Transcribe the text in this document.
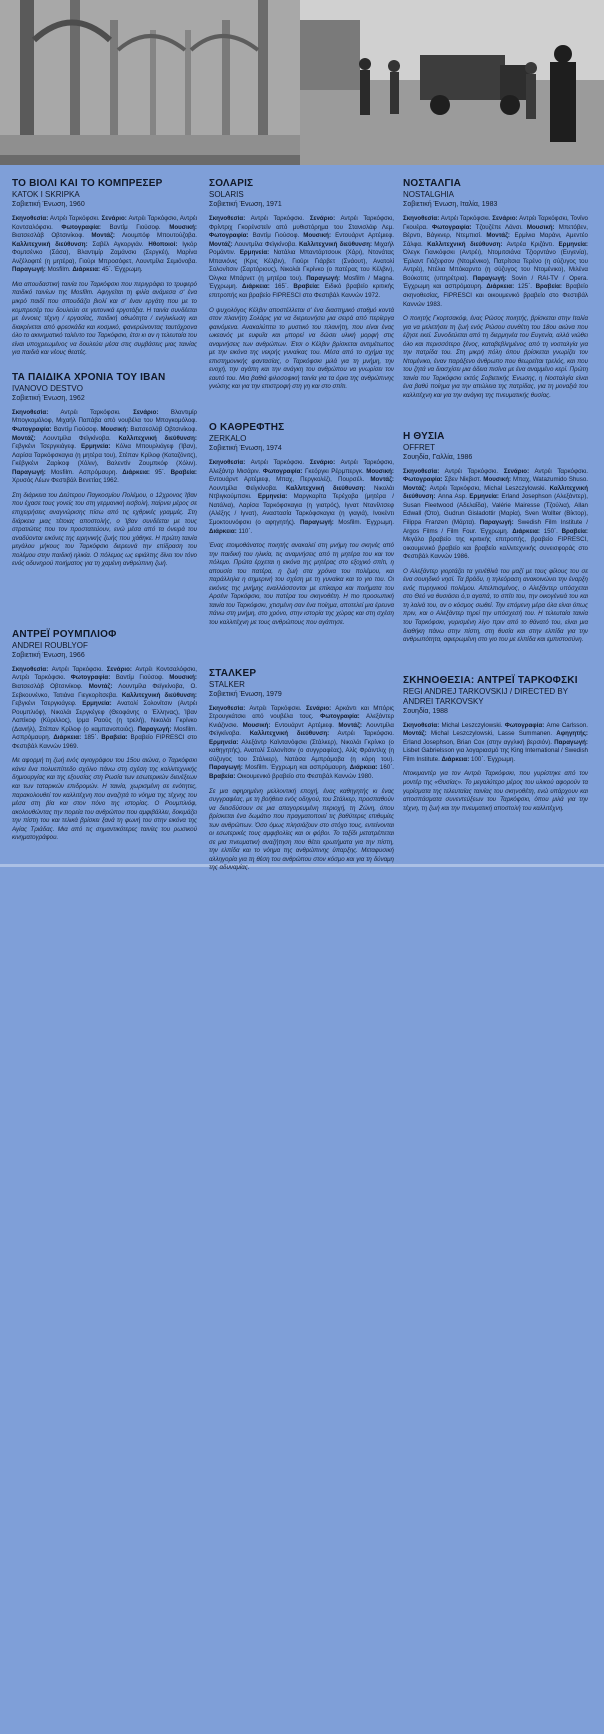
ΤΟ ΒΙΟΛΙ ΚΑΙ ΤΟ ΚΟΜΠΡΕΣΕΡ
KATOK I SKRIPKA
Σοβιετική Ένωση, 1960

Σκηνοθεσία: Αντρέι Ταρκόφσκι. Σενάριο: Αντρέι Ταρκόφσκι, Αντρέι Κοντσαλόφσκι. Φωτογραφία: Βαντίμ Γιούσοφ. Μουσική: Βιατσεσλάβ Οβτσινίκοφ. Μοντάζ: Λιουμπόφ Μπουτούζοβα. Καλλιτεχνική διεύθυνση: Σαβέλ Αγκοργιάν. Ηθοποιοί: Ιγκόρ Φομτσένκο (Σάσα), Βλαντιμίρ Ζαμάνσκι (Σεργκέι), Μαρίνα Ανζέλοφιτέ (η μητέρα), Γιούρι Μπροσόφετ, Λουντμίλα Σεμιόνοβα. Παραγωγή: Mosfilm. Διάρκεια: 45΄. Έγχρωμη.

Μια απουδαστική ταινία του Ταρκόφσκι που περιγράφει το τρυφερό παιδικό ταινίων της Mosfilm. Αφηγείται τη φιλία ανάμεσα σ' ένα μικρό παιδί που σπουδάζει βιολί και σ' έναν εργάτη που με το κομπρεσέρ του δουλεύει σε γειτονικά εργοτάξια. Η ταινία συνδέεται με έννοιες τέχνη / εργασίας, παιδική αθωότητα / ενηλικίωση και διακρίνεται από φρεσκάδα και κοσμικό, φανερώνοντας ταυτόχρονα όλο το ακινηματικό ταλέντο του Ταρκόφσκι, έτσι κι αν η τελευταία του είναι υποχρεωμένος να δουλεύει μέσα στις συμβάσεις μιας ταινίας για παιδιά και νέους θεατές.

ΤΑ ΠΑΙΔΙΚΑ ΧΡΟΝΙΑ ΤΟΥ ΙΒΑΝ
IVANOVO DESTVO
Σοβιετική Ένωση, 1962

Σκηνοθεσία: Αντρέι Ταρκόφσκι. Σενάριο: Βλαντιμίρ Μπογκομόλοφ, Μιχαήλ Παπάβα από νουβέλα του Μπογκομόλοφ. Φωτογραφία: Βαντίμ Γιούσοφ. Μουσική: Βιατσεσλάβ Οβτσινίκοφ. Μοντάζ: Λουντμίλα Φεϊγκίνοβα. Καλλιτεχνική διεύθυνση: Γεβγκένι Τσεργκιάγεφ. Ερμηνεία: Κόλια Μπουρλιάγεφ (Ίβαν), Λαρίσα Ταρκόφσκαγια (η μητέρα του), Στέπαν Κρίλοφ (Καταζόνιτς), Γκέβγκένι Ζαρίκοφ (Χόλιν), Βαλεντίν Ζουμπκόφ (Χόλιν). Παραγωγή: Mosfilm. Ασπρόμαυρη. Διάρκεια: 95΄. Βραβεία: Χρυσός Λέων Φεστιβάλ Βενετίας 1962.

Στη διάρκεια του Δεύτερου Παγκοσμίου Πολέμου, ο 12χρονος Ίβαν που έχασε τους γονείς του στη γερμανική εισβολή, παίρνει μέρος σε επιχειρήσεις αναγνώρισης πίσω από τις εχθρικές γραμμές. Στη διάρκεια μιας τέτοιας αποστολής, ο Ίβαν συνδέεται με τους στρατιώτες που τον προστατεύουν, ενώ μέσα από τα όνειρά του αναδύονται εικόνες της ειρηνικής ζωής που χάθηκε. Η πρώτη ταινία μεγάλου μήκους του Ταρκόφσκι διερευνά την επίδραση του πολέμου στην παιδική ηλικία. Ο πόλεμος ως εφιάλτης δίνει τον τόνο ενός οδυνηρού ποιήματος για τη χαμένη ανθρώπινη ζωή.

ΑΝΤΡΕΪ ΡΟΥΜΠΛΙΟΦ
ANDREI ROUBLYOF
Σοβιετική Ένωση, 1966

Σκηνοθεσία: Αντρέι Ταρκόφσκι. Σενάριο: Αντρέι Κοντσαλόφσκι, Αντρέι Ταρκόφσκι. Φωτογραφία: Βαντίμ Γιούσοφ. Μουσική: Βιατσεσλάβ Οβτσινίκοφ. Μοντάζ: Λουντμίλα Φεϊγκίνοβα, Ο. Σεβκουνένκο, Τατιάνα Γιεγκορίτσεβα. Καλλιτεχνική διεύθυνση: Γεβγκένι Τσεργκιάγεφ. Ερμηνεία: Ανατολί Σολονίτσιν (Αντρέι Ρουμπλιόφ), Νικολάι Σεργκέγεφ (Θεοφάνης ο Έλληνας), Ίβαν Λαπίκοφ (Κύριλλος), Ιρμα Ραούς (η τρελή), Νικολάι Γκρίνκο (Δανιήλ), Στέπαν Κρίλοφ (ο καμπανοποιός). Παραγωγή: Mosfilm. Ασπρόμαυρη. Διάρκεια: 185΄. Βραβεία: Βραβείο FIPRESCI στο Φεστιβάλ Καννών 1969.

Με αφορμή τη ζωή ενός αγιογράφου του 15ου αιώνα, ο Ταρκόφσκι κάνει ένα πολυεπίπεδο σχόλιο πάνω στη σχέση της καλλιτεχνικής δημιουργίας και της εξουσίας στη Ρωσία των εσωτερικών διενέξεων και των ταταρικών επιδρομών. Η ταινία, χωρισμένη σε ενότητες, παρακολουθεί τον καλλιτέχνη που αναζητά το νόημα της τέχνης του μέσα στη βία και στον πόνο της ιστορίας. Ο Ρουμπλιόφ, ακολουθώντας την πορεία του ανθρώπου που αμφιβάλλει, δοκιμάζει την πίστη του και τελικά βρίσκει ξανά τη φωνή του στην εικόνα της Αγίας Τριάδας. Μια από τις σημαντικότερες ταινίες του ρωσικού κινηματογράφου.

ΣΟΛΑΡΙΣ
SOLARIS
Σοβιετική Ένωση, 1971

Σκηνοθεσία: Αντρέι Ταρκόφσκι. Σενάριο: Αντρέι Ταρκόφσκι, Φρίντριχ Γκορένστεϊν από μυθιστόρημα του Στανισλάφ Λεμ. Φωτογραφία: Βαντίμ Γιούσοφ. Μουσική: Εντουάρντ Αρτέμιεφ. Μοντάζ: Λουντμίλα Φεϊγκίνοβα. Καλλιτεχνική διεύθυνση: Μιχαήλ Ρομάντιν. Ερμηνεία: Νατάλια Μπαντάρτσουκ (Χάρι), Ντονάτας Μπανιόνις (Κρις Κέλβιν), Γιούρι Γιάρβετ (Σνάουτ), Ανατολί Σολονίτσιν (Σαρτόριους), Νικολάι Γκρίνκο (ο πατέρας του Κέλβιν), Όλγκα Μπάρνετ (η μητέρα του). Παραγωγή: Mosfilm / Magna. Έγχρωμη. Διάρκεια: 165΄. Βραβεία: Ειδικό βραβείο κριτικής επιτροπής και βραβείο FIPRESCI στο Φεστιβάλ Καννών 1972.

Ο ψυχολόγος Κέλβιν αποστέλλεται σ' ένα διαστημικό σταθμό κοντά στον πλανήτη Σολάρις για να διερευνήσει μια σειρά από περίεργα φαινόμενα. Ανακαλύπτει το μυστικό του πλανήτη, που είναι ένας ωκεανός με ευφυΐα και μπορεί να δώσει υλική μορφή στις αναμνήσεις των ανθρώπων. Έτσι ο Κέλβιν βρίσκεται αντιμέτωπος με την εικόνα της νεκρής γυναίκας του. Μέσα από το σχήμα της επιστημονικής φαντασίας, ο Ταρκόφσκι μιλά για τη μνήμη, την ενοχή, την αγάπη και την ανάγκη του ανθρώπου να γνωρίσει τον εαυτό του. Μια βαθιά φιλοσοφική ταινία για τα όρια της ανθρώπινης γνώσης και για την επιστροφή στη γη και στο σπίτι.

Ο ΚΑΘΡΕΦΤΗΣ
ZERKALO
Σοβιετική Ένωση, 1974

Σκηνοθεσία: Αντρέι Ταρκόφσκι. Σενάριο: Αντρέι Ταρκόφσκι, Αλεξάντρ Μισάριν. Φωτογραφία: Γκεόργκι Ρέρμπεργκ. Μουσική: Εντουάρντ Αρτέμιεφ, Μπαχ, Περγκολέζι, Πουρσέλ. Μοντάζ: Λουντμίλα Φεϊγκίνοβα. Καλλιτεχνική διεύθυνση: Νικολάι Ντβιγκούμπσκι. Ερμηνεία: Μαργκαρίτα Τερέχοβα (μητέρα / Νατάλια), Λαρίσα Ταρκόφσκαγια (η γιατρός), Ιγνατ Ντανίλτσεφ (Αλέξης / Ιγνατ), Αναστασία Ταρκόφσκαγια (η γιαγιά), Ινοκέντι Σμοκτουνόφσκι (ο αφηγητής). Παραγωγή: Mosfilm. Έγχρωμη. Διάρκεια: 110΄.

Ένας ετοιμοθάνατος ποιητής ανακαλεί στη μνήμη του σκηνές από την παιδική του ηλικία, τις αναμνήσεις από τη μητέρα του και τον πόλεμο. Πρώτα έρχεται η εικόνα της μητέρας στο εξοχικό σπίτι, η απουσία του πατέρα, η ζωή στα χρόνια του πολέμου, και παράλληλα η σημερινή του σχέση με τη γυναίκα και το γιο του. Οι εικόνες της μνήμης εναλλάσσονται με επίκαιρα και ποιήματα του Αρσένι Ταρκόφσκι, του πατέρα του σκηνοθέτη. Η πιο προσωπική ταινία του Ταρκόφσκι, χτισμένη σαν ένα ποίημα, αποτελεί μια έρευνα πάνω στη μνήμη, στο χρόνο, στην ιστορία της χώρας και στη σχέση του καλλιτέχνη με τους ανθρώπους που αγάπησε.

ΣΤΑΛΚΕΡ
STALKER
Σοβιετική Ένωση, 1979

Σκηνοθεσία: Αντρέι Ταρκόφσκι. Σενάριο: Αρκάντι και Μπόρις Στρουγκάτσκι από νουβέλα τους. Φωτογραφία: Αλεξάντερ Κνιάζινσκι. Μουσική: Εντουάρντ Αρτέμιεφ. Μοντάζ: Λουντμίλα Φεϊγκίνοβα. Καλλιτεχνική διεύθυνση: Αντρέι Ταρκόφσκι. Ερμηνεία: Αλεξάντρ Καϊντανόφσκι (Στάλκερ), Νικολάι Γκρίνκο (ο καθηγητής), Ανατολί Σολονίτσιν (ο συγγραφέας), Αλίς Φράιντλιχ (η σύζυγος του Στάλκερ), Νατάσα Αμπράμοβα (η κόρη του). Παραγωγή: Mosfilm. Έγχρωμη και ασπρόμαυρη. Διάρκεια: 160΄. Βραβεία: Οικουμενικό βραβείο στο Φεστιβάλ Καννών 1980.

Σε μια αφηρημένη μελλοντική εποχή, ένας καθηγητής κι ένας συγγραφέας, με τη βοήθεια ενός οδηγού, του Στάλκερ, προσπαθούν να διεισδύσουν σε μια απαγορευμένη περιοχή, τη Ζώνη, όπου βρίσκεται ένα δωμάτιο που πραγματοποιεί τις βαθύτερες επιθυμίες των ανθρώπων. Όσο όμως πλησιάζουν στο στόχο τους, εντείνονται οι εσωτερικές τους αμφιβολίες και οι φόβοι. Το ταξίδι μετατρέπεται σε μια πνευματική αναζήτηση που θέτει ερωτήματα για την πίστη, την ελπίδα και το νόημα της ανθρώπινης ύπαρξης. Μεταφυσική αλληγορία για τη θέση του ανθρώπου στον κόσμο και για τη δύναμη της αδυναμίας.

ΝΟΣΤΑΛΓΙΑ
NOSTALGHIA
Σοβιετική Ένωση, Ιταλία, 1983

Σκηνοθεσία: Αντρέι Ταρκόφσκι. Σενάριο: Αντρέι Ταρκόφσκι, Τονίνο Γκουέρα. Φωτογραφία: Τζουζέπε Λάνσι. Μουσική: Μπετόβεν, Βέρντι, Βάγκνερ, Ντεμπισί. Μοντάζ: Ερμίνια Μαράνι, Αμεντέο Σάλφα. Καλλιτεχνική διεύθυνση: Αντρέα Κριζάντι. Ερμηνεία: Όλεγκ Γιανκόφσκι (Αντρέι), Ντομιτσιάνα Τζιορντάνο (Ευγενία), Έρλαντ Γιόζεφσον (Ντομένικο), Πατρίτσια Τερένο (η σύζυγος του Αντρέι), Ντέλια Μπόκαρντο (η σύζυγος του Ντομένικο), Μιλένα Βούκοτιτς (υπηρέτρια). Παραγωγή: Sovin / RAI-TV / Opera. Έγχρωμη και ασπρόμαυρη. Διάρκεια: 125΄. Βραβεία: Βραβείο σκηνοθεσίας, FIPRESCI και οικουμενικό βραβείο στο Φεστιβάλ Καννών 1983.

Ο ποιητής Γκορτσακόφ, ένας Ρώσος ποιητής, βρίσκεται στην Ιταλία για να μελετήσει τη ζωή ενός Ρώσου συνθέτη του 18ου αιώνα που έζησε εκεί. Συνοδεύεται από τη διερμηνέα του Ευγενία, αλλά νιώθει όλο και περισσότερο ξένος, καταβεβλημένος από τη νοσταλγία για την πατρίδα του. Στη μικρή πόλη όπου βρίσκεται γνωρίζει τον Ντομένικο, έναν παράξενο άνθρωπο που θεωρείται τρελός, και που του ζητά να διασχίσει μια άδεια πισίνα με ένα αναμμένο κερί. Πρώτη ταινία του Ταρκόφσκι εκτός Σοβιετικής Ένωσης, η Νοσταλγία είναι ένα βαθύ ποίημα για την απώλεια της πατρίδας, για τη μοναξιά του καλλιτέχνη και για την ανάγκη της πνευματικής θυσίας.

Η ΘΥΣΙΑ
OFFRET
Σουηδία, Γαλλία, 1986

Σκηνοθεσία: Αντρέι Ταρκόφσκι. Σενάριο: Αντρέι Ταρκόφσκι. Φωτογραφία: Σβεν Νίκβιστ. Μουσική: Μπαχ, Watazumido Shuso. Μοντάζ: Αντρέι Ταρκόφσκι, Michal Leszczylowski. Καλλιτεχνική διεύθυνση: Anna Asp. Ερμηνεία: Erland Josephson (Αλεξάντερ), Susan Fleetwood (Αδελαΐδα), Valérie Mairesse (Τζούλια), Allan Edwall (Ότο), Gudrun Gisladottir (Μαρία), Sven Wollter (Βίκτορ), Filippa Franzen (Μάρτα). Παραγωγή: Swedish Film Institute / Argos Films / Film Four. Έγχρωμη. Διάρκεια: 150΄. Βραβεία: Μεγάλο βραβείο της κριτικής επιτροπής, βραβείο FIPRESCI, οικουμενικό βραβείο και βραβείο καλλιτεχνικής συνεισφοράς στο Φεστιβάλ Καννών 1986.

Ο Αλεξάντερ γιορτάζει τα γενέθλιά του μαζί με τους φίλους του σε ένα σουηδικό νησί. Τα βράδυ, η τηλεόραση ανακοινώνει την έναρξη ενός πυρηνικού πολέμου. Απελπισμένος, ο Αλεξάντερ υπόσχεται στο Θεό να θυσιάσει ό,τι αγαπά, το σπίτι του, την οικογένειά του και τη λαλιά του, αν ο κόσμος σωθεί. Την επόμενη μέρα όλα είναι όπως πριν, και ο Αλεξάντερ τηρεί την υπόσχεσή του. Η τελευταία ταινία του Ταρκόφσκι, γυρισμένη λίγο πριν από το θάνατό του, είναι μια διαθήκη πάνω στην πίστη, στη θυσία και στην ελπίδα για την ανθρωπότητα, αφιερωμένη στο γιο του με ελπίδα και εμπιστοσύνη.

ΣΚΗΝΟΘΕΣΙΑ: ΑΝΤΡΕΪ ΤΑΡΚΟΦΣΚΙ
REGI ANDREJ TARKOVSKIJ / DIRECTED BY ANDREI TARKOVSKY
Σουηδία, 1988

Σκηνοθεσία: Michal Leszczylowski. Φωτογραφία: Arne Carlsson. Μοντάζ: Michal Leszczylowski, Lasse Summanen. Αφηγητής: Erland Josephson, Brian Cox (στην αγγλική βερσιόν). Παραγωγή: Lisbet Gabrielsson για λογαριασμό της King International / Swedish Film Institute. Διάρκεια: 100΄. Έγχρωμη.

Ντοκιμαντέρ για τον Αντρέι Ταρκόφσκι, που γυρίστηκε από τον μοντέρ της «Θυσίας». Το μεγαλύτερο μέρος του υλικού αφορούν τα γυρίσματα της τελευταίας ταινίας του σκηνοθέτη, ενώ υπάρχουν και αποσπάσματα συνεντεύξεων του Ταρκόφσκι, όπου μιλά για την τέχνη, τη ζωή και την πνευματική αποστολή του καλλιτέχνη.
